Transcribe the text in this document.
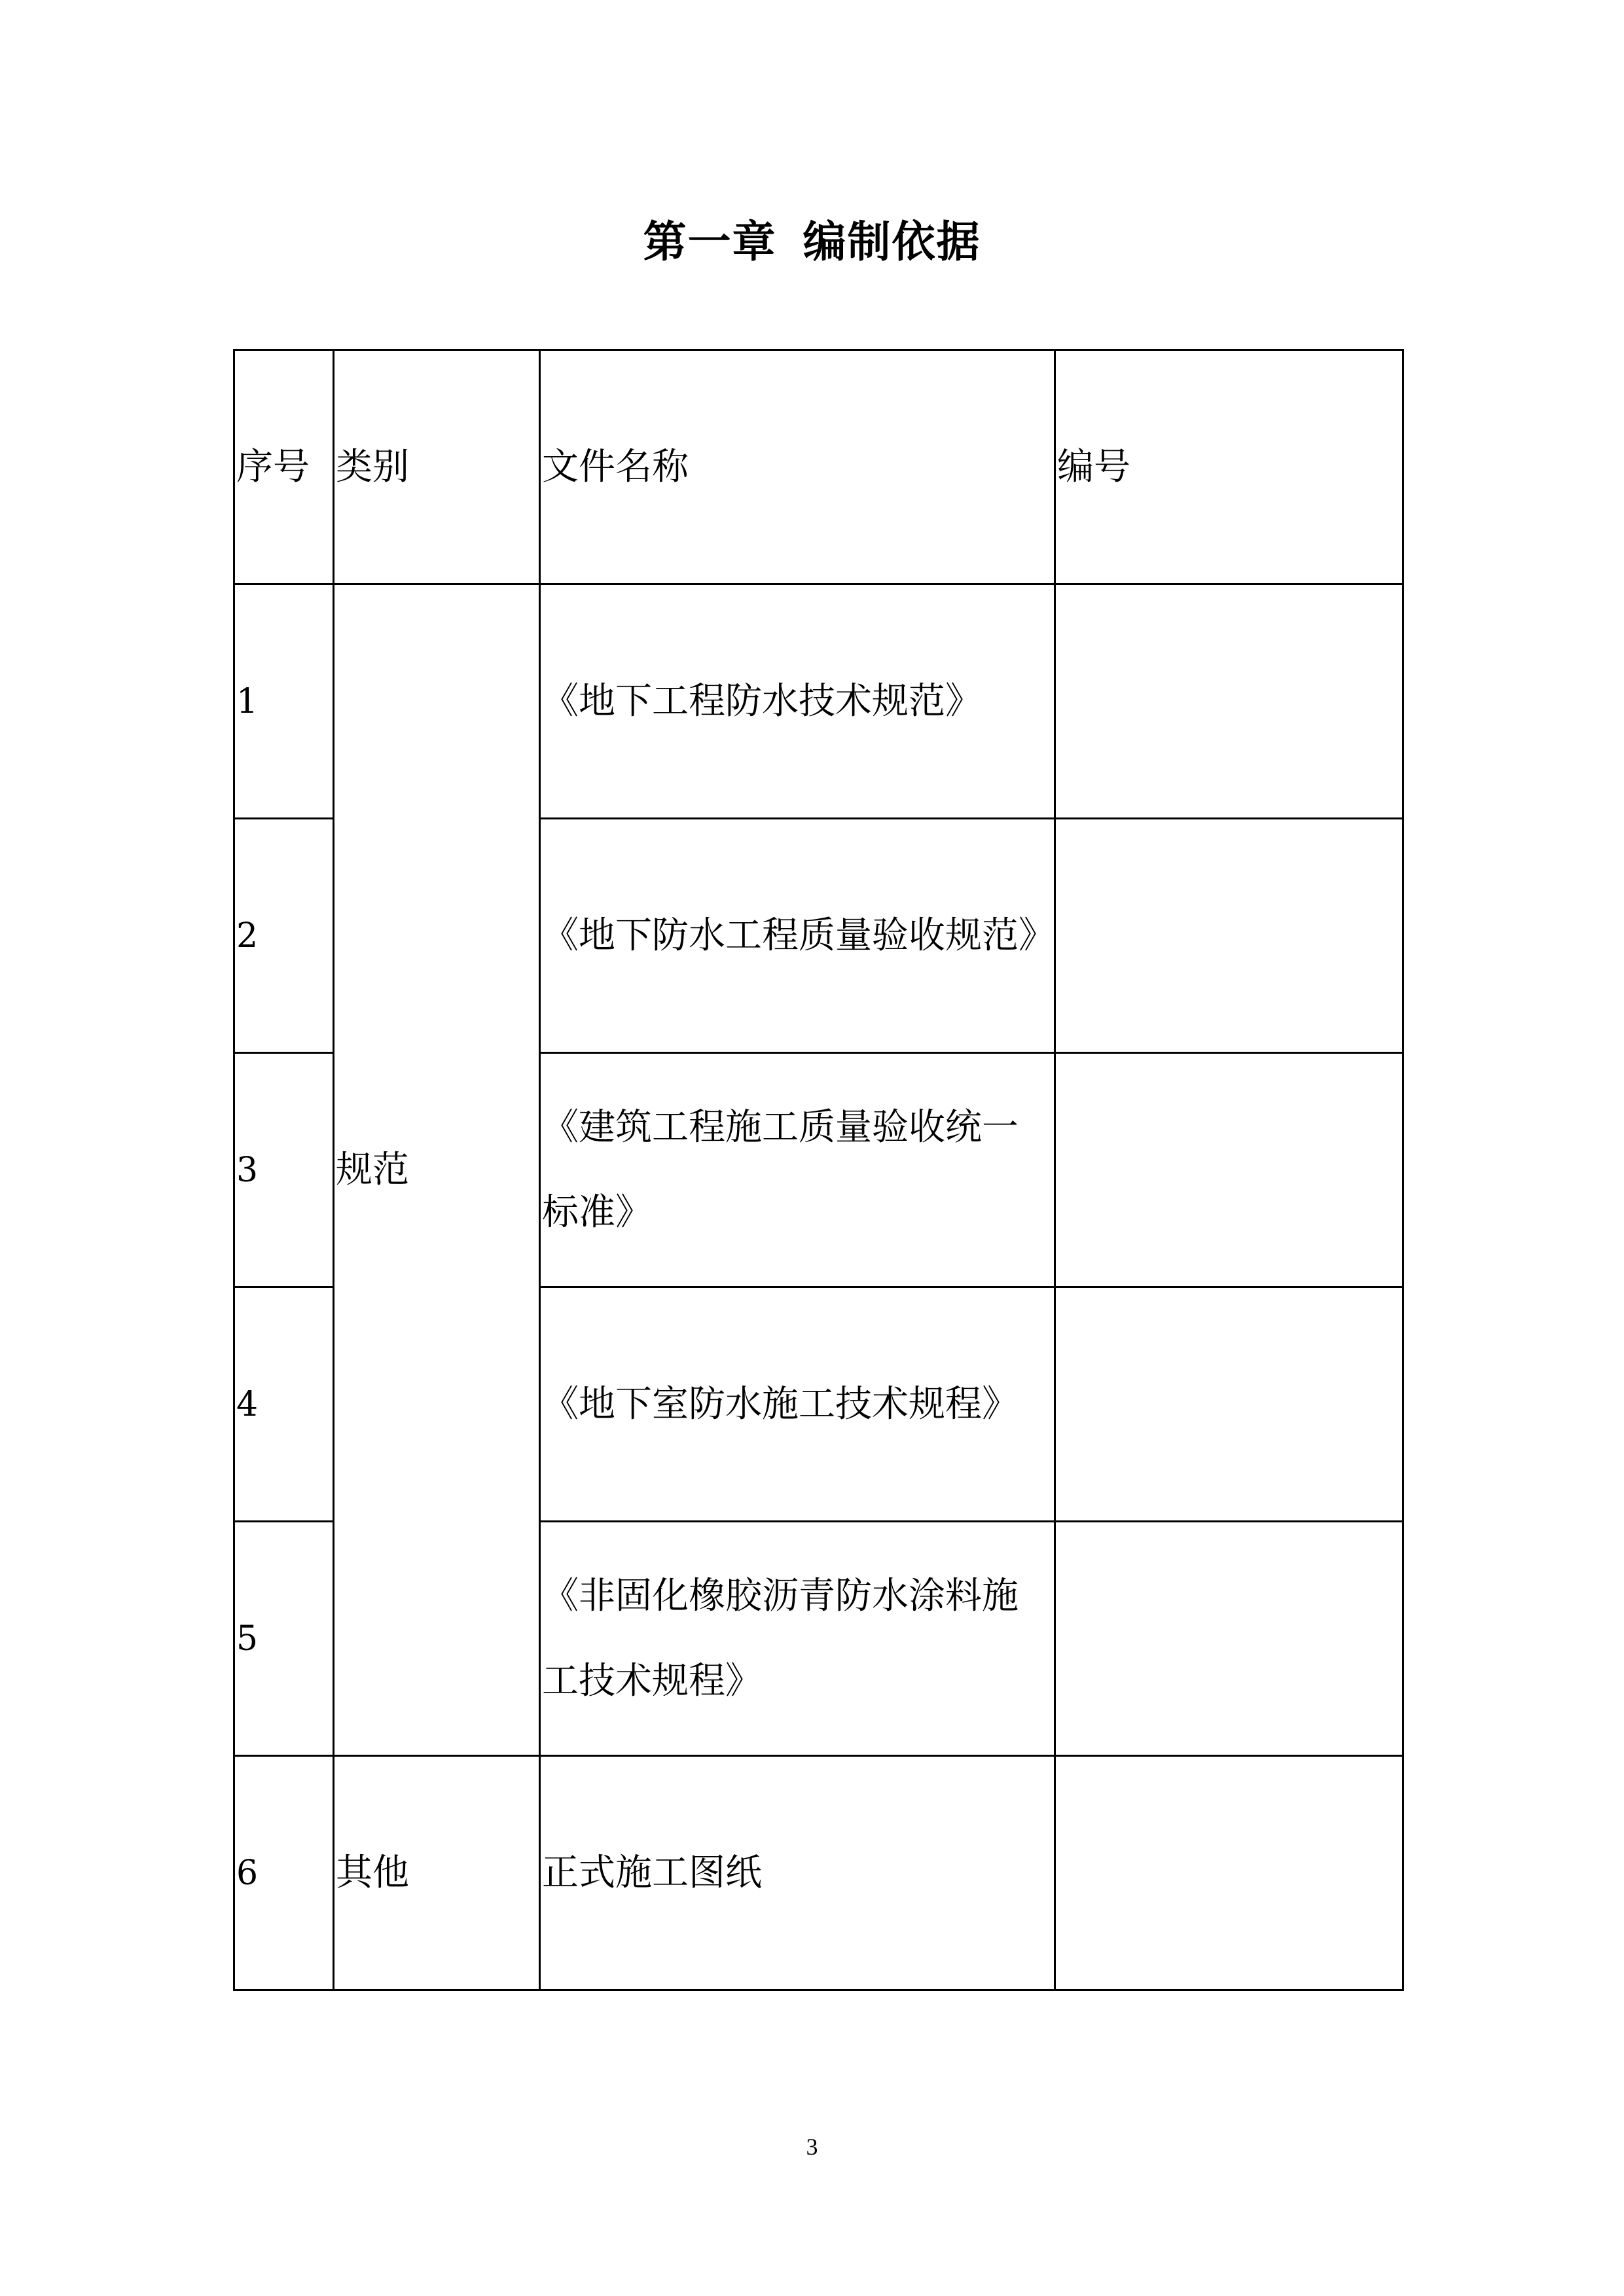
第一章 编制依据
序号	类别	文件名称	编号
1	规范	《地下工程防水技术规范》	
2		《地下防水工程质量验收规范》	
3		《建筑工程施工质量验收统一标准》	
4		《地下室防水施工技术规程》	
5		《非固化橡胶沥青防水涂料施工技术规程》	
6	其他	正式施工图纸	
3
